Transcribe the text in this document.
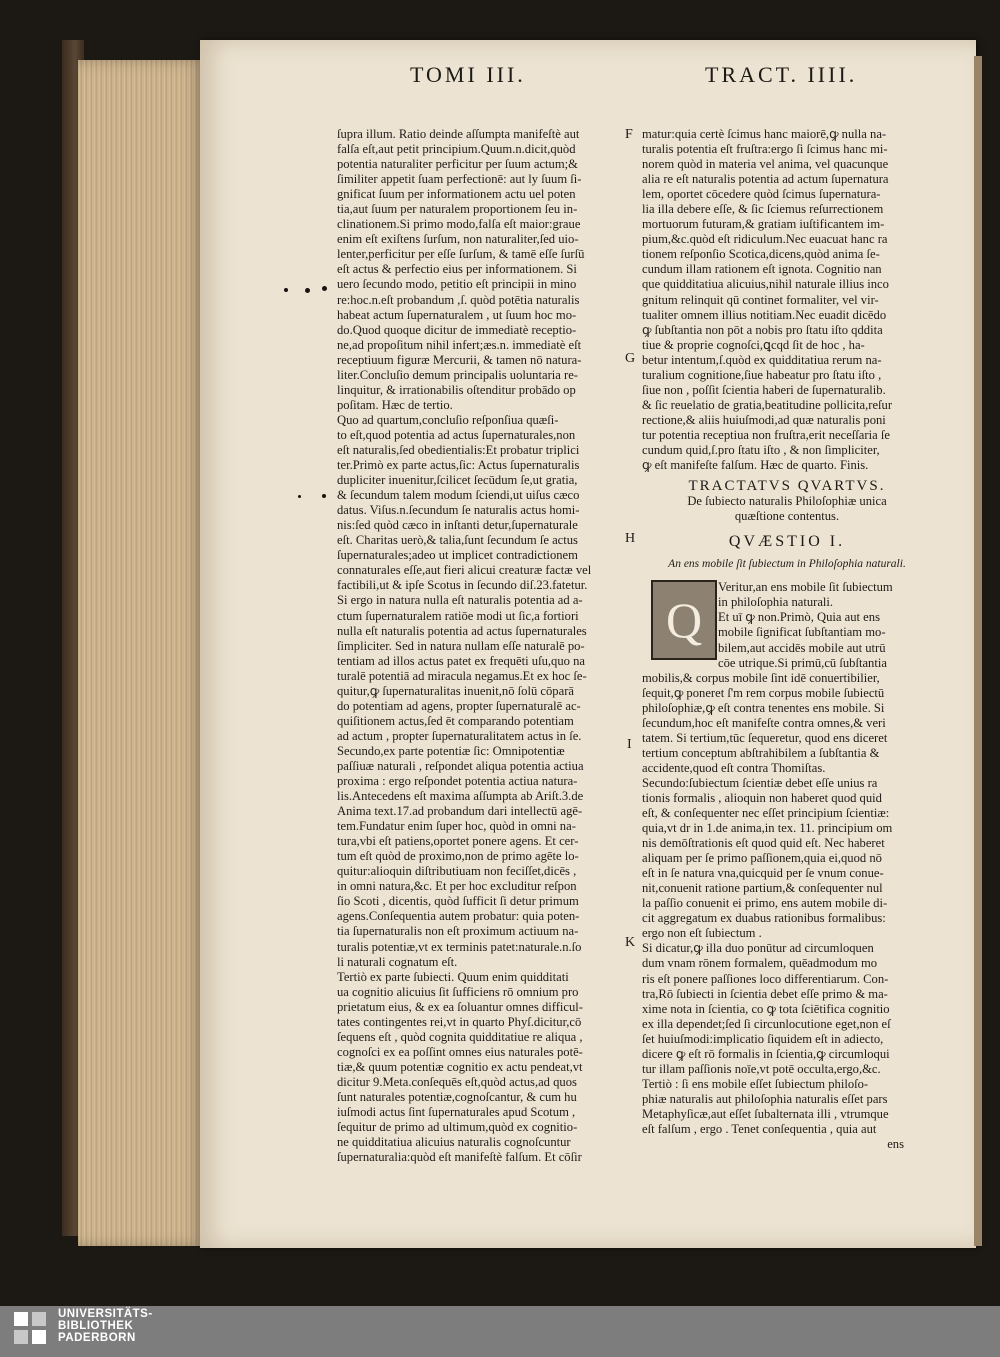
TOMI III.	TRACT. IIII.
F
G
H
I
K
ſupra illum. Ratio deinde aſſumpta manifeſtè aut
falſa eſt,aut petit principium.Quum.n.dicit,quòd
potentia naturaliter perficitur per ſuum actum;&
ſimiliter appetit ſuam perfectionē: aut ly ſuum ſi-
gnificat ſuum per informationem actu uel poten
tia,aut ſuum per naturalem proportionem ſeu in-
clinationem.Si primo modo,falſa eſt maior:graue
enim eſt exiſtens ſurſum, non naturaliter,ſed uio-
lenter,perficitur per eſſe ſurſum, & tamē eſſe ſurſū
eſt actus & perfectio eius per informationem. Si
uero ſecundo modo, petitio eſt principii in mino
re:hoc.n.eſt probandum ,ſ. quòd potētia naturalis
habeat actum ſupernaturalem , ut ſuum hoc mo-
do.Quod quoque dicitur de immediatè receptio-
ne,ad propoſitum nihil infert;æs.n. immediatè eſt
receptiuum figuræ Mercurii, & tamen nō natura-
liter.Concluſio demum principalis uoluntaria re-
linquitur, & irrationabilis oſtenditur probādo op
poſitam. Hæc de tertio.
Quo ad quartum,concluſio reſponſiua quæſi-
to eſt,quod potentia ad actus ſupernaturales,non
eſt naturalis,ſed obedientialis:Et probatur triplici
ter.Primò ex parte actus,ſic: Actus ſupernaturalis
dupliciter inuenitur,ſcilicet ſecūdum ſe,ut gratia,
& ſecundum talem modum ſciendi,ut uiſus cæco
datus. Viſus.n.ſecundum ſe naturalis actus homi-
nis:ſed quòd cæco in inſtanti detur,ſupernaturale
eſt. Charitas uerò,& talia,ſunt ſecundum ſe actus
ſupernaturales;adeo ut implicet contradictionem
connaturales eſſe,aut fieri alicui creaturæ factæ vel
factibili,ut & ipſe Scotus in ſecundo diſ.23.fatetur.
Si ergo in natura nulla eſt naturalis potentia ad a-
ctum ſupernaturalem ratiōe modi ut ſic,a fortiori
nulla eſt naturalis potentia ad actus ſupernaturales
ſimpliciter. Sed in natura nullam eſſe naturalē po-
tentiam ad illos actus patet ex frequēti uſu,quo na
turalē potentiā ad miracula negamus.Et ex hoc ſe-
quitur,ꝙ ſupernaturalitas inuenit,nō ſolū cōparā
do potentiam ad agens, propter ſupernaturalē ac-
quiſitionem actus,ſed ēt comparando potentiam
ad actum , propter ſupernaturalitatem actus in ſe.
Secundo,ex parte potentiæ ſic: Omnipotentiæ
paſſiuæ naturali , reſpondet aliqua potentia actiua
proxima : ergo reſpondet potentia actiua natura-
lis.Antecedens eſt maxima aſſumpta ab Ariſt.3.de
Anima text.17.ad probandum dari intellectū agē-
tem.Fundatur enim ſuper hoc, quòd in omni na-
tura,vbi eſt patiens,oportet ponere agens. Et cer-
tum eſt quòd de proximo,non de primo agēte lo-
quitur:alioquin diſtributiuam non feciſſet,dicēs ,
in omni natura,&c. Et per hoc excluditur reſpon
ſio Scoti , dicentis, quòd ſufficit ſi detur primum
agens.Conſequentia autem probatur: quia poten-
tia ſupernaturalis non eſt proximum actiuum na-
turalis potentiæ,vt ex terminis patet:naturale.n.ſo
li naturali cognatum eſt.
Tertiò ex parte ſubiecti. Quum enim quidditati
ua cognitio alicuius ſit ſufficiens rō omnium pro
prietatum eius, & ex ea ſoluantur omnes difficul-
tates contingentes rei,vt in quarto Phyſ.dicitur,cō
ſequens eſt , quòd cognita quidditatiue re aliqua ,
cognoſci ex ea poſſint omnes eius naturales potē-
tiæ,& quum potentiæ cognitio ex actu pendeat,vt
dicitur 9.Meta.conſequēs eſt,quòd actus,ad quos
ſunt naturales potentiæ,cognoſcantur, & cum hu
iuſmodi actus ſint ſupernaturales apud Scotum ,
ſequitur de primo ad ultimum,quòd ex cognitio-
ne quidditatiua alicuius naturalis cognoſcuntur
ſupernaturalia:quòd eſt manifeſtè falſum. Et cōſir
matur:quia certè ſcimus hanc maiorē,ꝙ nulla na-
turalis potentia eſt fruſtra:ergo ſi ſcimus hanc mi-
norem quòd in materia vel anima, vel quacunque
alia re eſt naturalis potentia ad actum ſupernatura
lem, oportet cōcedere quòd ſcimus ſupernatura-
lia illa debere eſſe, & ſic ſciemus reſurrectionem
mortuorum futuram,& gratiam iuſtificantem im-
pium,&c.quòd eſt ridiculum.Nec euacuat hanc ra
tionem reſponſio Scotica,dicens,quòd anima ſe-
cundum illam rationem eſt ignota. Cognitio nan
que quidditatiua alicuius,nihil naturale illius inco
gnitum relinquit qū continet formaliter, vel vir-
tualiter omnem illius notitiam.Nec euadit dicēdo
ꝙ ſubſtantia non pōt a nobis pro ſtatu iſto qddita
tiue & proprie cognoſci,ꝗcqd ſit de hoc , ha-
betur intentum,ſ.quòd ex quidditatiua rerum na-
turalium cognitione,ſiue habeatur pro ſtatu iſto ,
ſiue non , poſſit ſcientia haberi de ſupernaturalib.
& ſic reuelatio de gratia,beatitudine pollicita,reſur
rectione,& aliis huiuſmodi,ad quæ naturalis poni
tur potentia receptiua non fruſtra,erit neceſſaria ſe
cundum quid,ſ.pro ſtatu iſto , & non ſimpliciter,
ꝙ eſt manifeſte falſum. Hæc de quarto. Finis.
TRACTATVS QVARTVS.
De ſubiecto naturalis Philoſophiæ unica
quæſtione contentus.
QVÆSTIO I.
An ens mobile ſit ſubiectum in Philoſophia naturali.
Veritur,an ens mobile ſit ſubiectum
in philoſophia naturali.
Et uī ꝙ non.Primò, Quia aut ens
mobile ſignificat ſubſtantiam mo-
bilem,aut accidēs mobile aut utrū
cōe utrique.Si primū,cū ſubſtantia
mobilis,& corpus mobile ſint idē conuertibilier,
ſequit,ꝙ poneret ſ'm rem corpus mobile ſubiectū
philoſophiæ,ꝙ eſt contra tenentes ens mobile. Si
ſecundum,hoc eſt manifeſte contra omnes,& veri
tatem. Si tertium,tūc ſequeretur, quod ens diceret
tertium conceptum abſtrahibilem a ſubſtantia &
accidente,quod eſt contra Thomiſtas.
Secundo:ſubiectum ſcientiæ debet eſſe unius ra
tionis formalis , alioquin non haberet quod quid
eſt, & conſequenter nec eſſet principium ſcientiæ:
quia,vt dr in 1.de anima,in tex. 11. principium om
nis demōſtrationis eſt quod quid eſt. Nec haberet
aliquam per ſe primo paſſionem,quia ei,quod nō
eſt in ſe natura vna,quicquid per ſe vnum conue-
nit,conuenit ratione partium,& conſequenter nul
la paſſio conuenit ei primo, ens autem mobile di-
cit aggregatum ex duabus rationibus formalibus:
ergo non eſt ſubiectum .
Si dicatur,ꝙ illa duo ponūtur ad circumloquen
dum vnam rōnem formalem, quēadmodum mo
ris eſt ponere paſſiones loco differentiarum. Con-
tra,Rō ſubiecti in ſcientia debet eſſe primo & ma-
xime nota in ſcientia, co ꝙ tota ſciētifica cognitio
ex illa dependet;ſed ſi circunlocutione eget,non eſ
ſet huiuſmodi:implicatio ſiquidem eſt in adiecto,
dicere ꝙ eſt rō formalis in ſcientia,ꝙ circumloqui
tur illam paſſionis noīe,vt potē occulta,ergo,&c.
Tertiò : ſi ens mobile eſſet ſubiectum philoſo-
phiæ naturalis aut philoſophia naturalis eſſet pars
Metaphyſicæ,aut eſſet ſubalternata illi , vtrumque
eſt falſum , ergo . Tenet conſequentia , quia aut
ens
Q
UNIVERSITÄTS-
BIBLIOTHEK
PADERBORN
